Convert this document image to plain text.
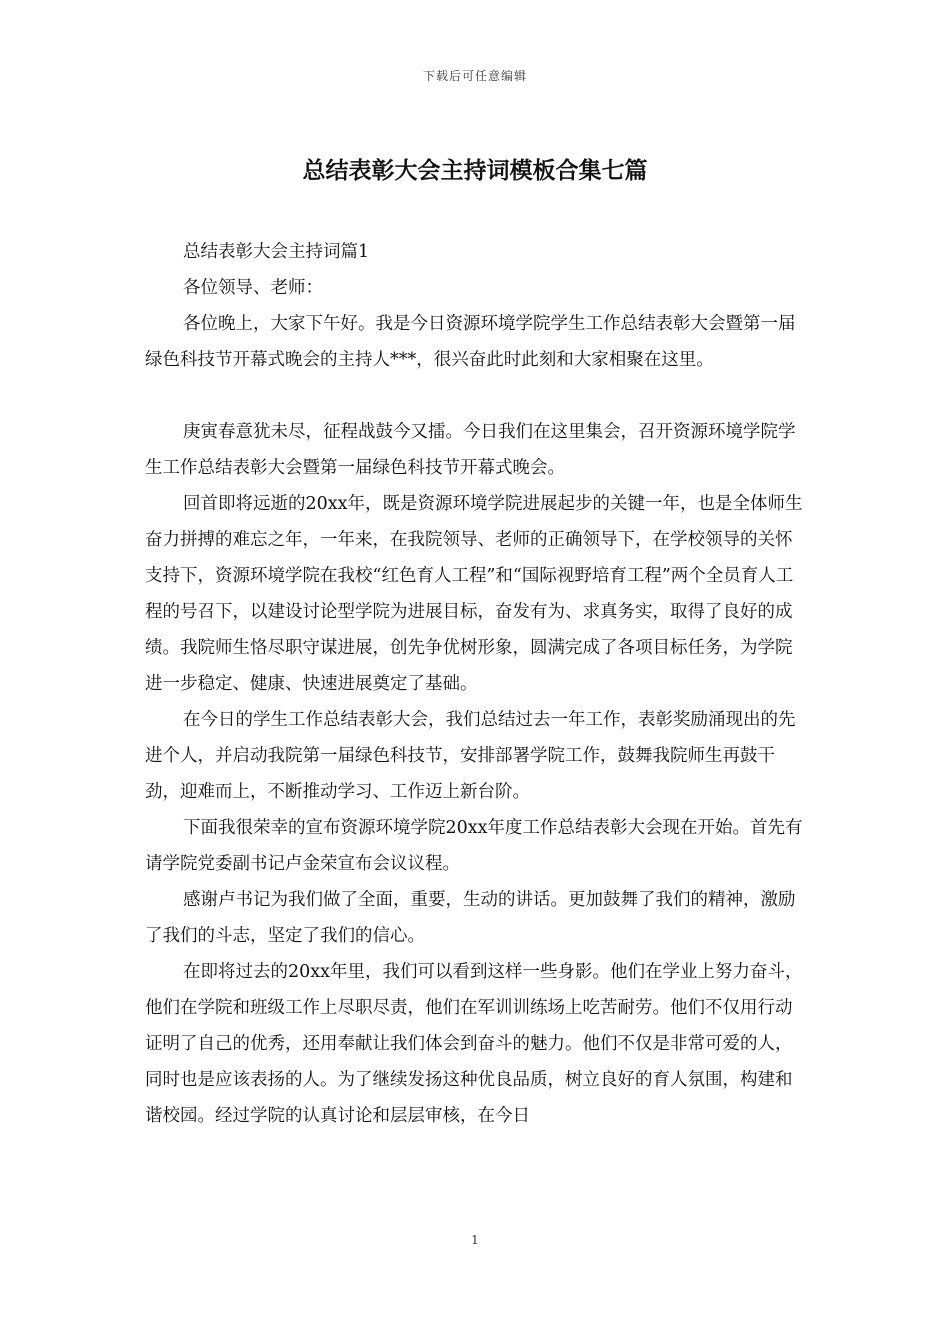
下载后可任意编辑
总结表彰大会主持词模板合集七篇

总结表彰大会主持词篇1

各位领导、老师：

各位晚上，大家下午好。我是今日资源环境学院学生工作总结表彰大会暨第一届绿色科技节开幕式晚会的主持人***，很兴奋此时此刻和大家相聚在这里。

庚寅春意犹未尽，征程战鼓今又擂。今日我们在这里集会，召开资源环境学院学生工作总结表彰大会暨第一届绿色科技节开幕式晚会。

回首即将远逝的20xx年，既是资源环境学院进展起步的关键一年，也是全体师生奋力拼搏的难忘之年，一年来，在我院领导、老师的正确领导下，在学校领导的关怀支持下，资源环境学院在我校“红色育人工程”和“国际视野培育工程”两个全员育人工程的号召下，以建设讨论型学院为进展目标，奋发有为、求真务实，取得了良好的成绩。我院师生恪尽职守谋进展，创先争优树形象，圆满完成了各项目标任务，为学院进一步稳定、健康、快速进展奠定了基础。

在今日的学生工作总结表彰大会，我们总结过去一年工作，表彰奖励涌现出的先进个人，并启动我院第一届绿色科技节，安排部署学院工作，鼓舞我院师生再鼓干劲，迎难而上，不断推动学习、工作迈上新台阶。

下面我很荣幸的宣布资源环境学院20xx年度工作总结表彰大会现在开始。首先有请学院党委副书记卢金荣宣布会议议程。

感谢卢书记为我们做了全面，重要，生动的讲话。更加鼓舞了我们的精神，激励了我们的斗志，坚定了我们的信心。

在即将过去的20xx年里，我们可以看到这样一些身影。他们在学业上努力奋斗，他们在学院和班级工作上尽职尽责，他们在军训训练场上吃苦耐劳。他们不仅用行动证明了自己的优秀，还用奉献让我们体会到奋斗的魅力。他们不仅是非常可爱的人，同时也是应该表扬的人。为了继续发扬这种优良品质，树立良好的育人氛围，构建和谐校园。经过学院的认真讨论和层层审核，在今日

1
